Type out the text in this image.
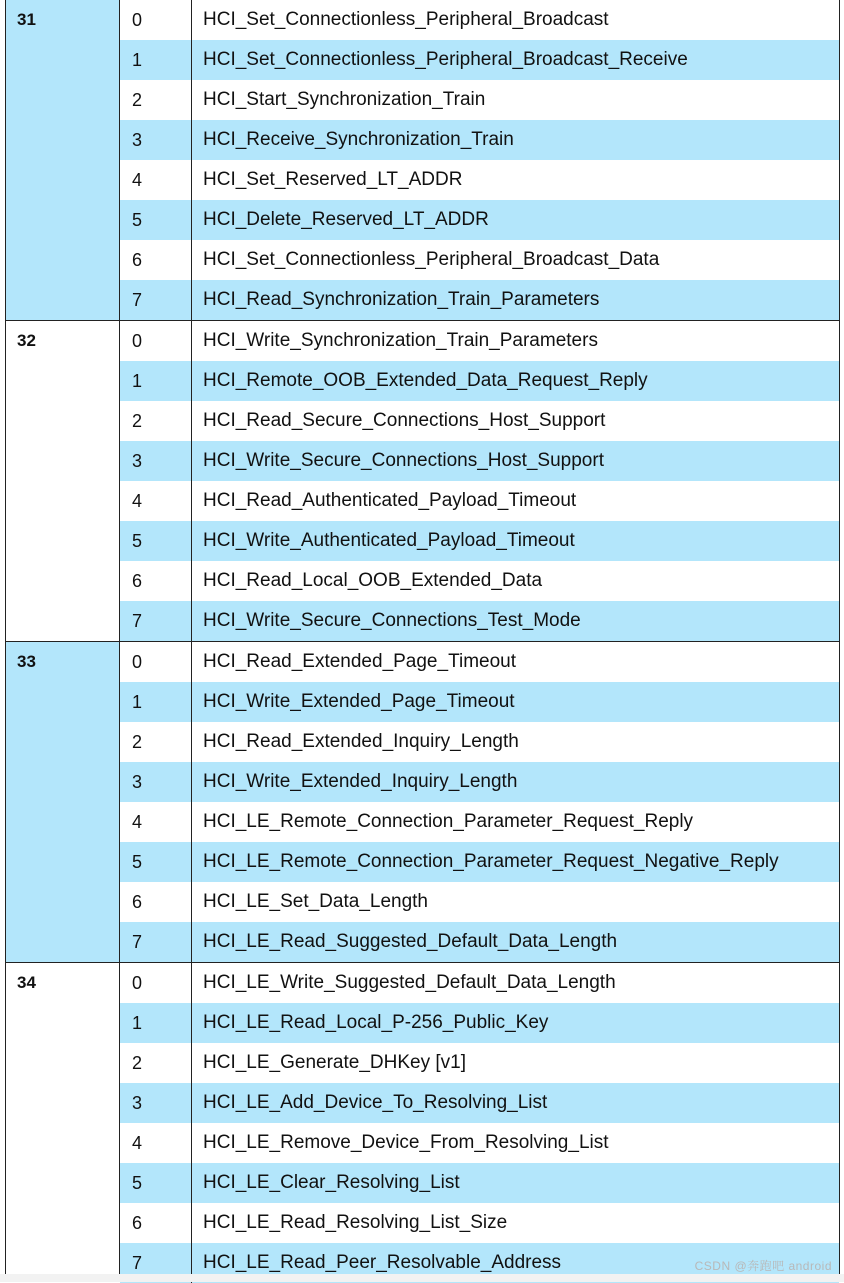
31	0	HCI_Set_Connectionless_Peripheral_Broadcast
1	HCI_Set_Connectionless_Peripheral_Broadcast_Receive
2	HCI_Start_Synchronization_Train
3	HCI_Receive_Synchronization_Train
4	HCI_Set_Reserved_LT_ADDR
5	HCI_Delete_Reserved_LT_ADDR
6	HCI_Set_Connectionless_Peripheral_Broadcast_Data
7	HCI_Read_Synchronization_Train_Parameters
32	0	HCI_Write_Synchronization_Train_Parameters
1	HCI_Remote_OOB_Extended_Data_Request_Reply
2	HCI_Read_Secure_Connections_Host_Support
3	HCI_Write_Secure_Connections_Host_Support
4	HCI_Read_Authenticated_Payload_Timeout
5	HCI_Write_Authenticated_Payload_Timeout
6	HCI_Read_Local_OOB_Extended_Data
7	HCI_Write_Secure_Connections_Test_Mode
33	0	HCI_Read_Extended_Page_Timeout
1	HCI_Write_Extended_Page_Timeout
2	HCI_Read_Extended_Inquiry_Length
3	HCI_Write_Extended_Inquiry_Length
4	HCI_LE_Remote_Connection_Parameter_Request_Reply
5	HCI_LE_Remote_Connection_Parameter_Request_Negative_Reply
6	HCI_LE_Set_Data_Length
7	HCI_LE_Read_Suggested_Default_Data_Length
34	0	HCI_LE_Write_Suggested_Default_Data_Length
1	HCI_LE_Read_Local_P-256_Public_Key
2	HCI_LE_Generate_DHKey [v1]
3	HCI_LE_Add_Device_To_Resolving_List
4	HCI_LE_Remove_Device_From_Resolving_List
5	HCI_LE_Clear_Resolving_List
6	HCI_LE_Read_Resolving_List_Size
7	HCI_LE_Read_Peer_Resolvable_Address	CSDN @奔跑吧 android
